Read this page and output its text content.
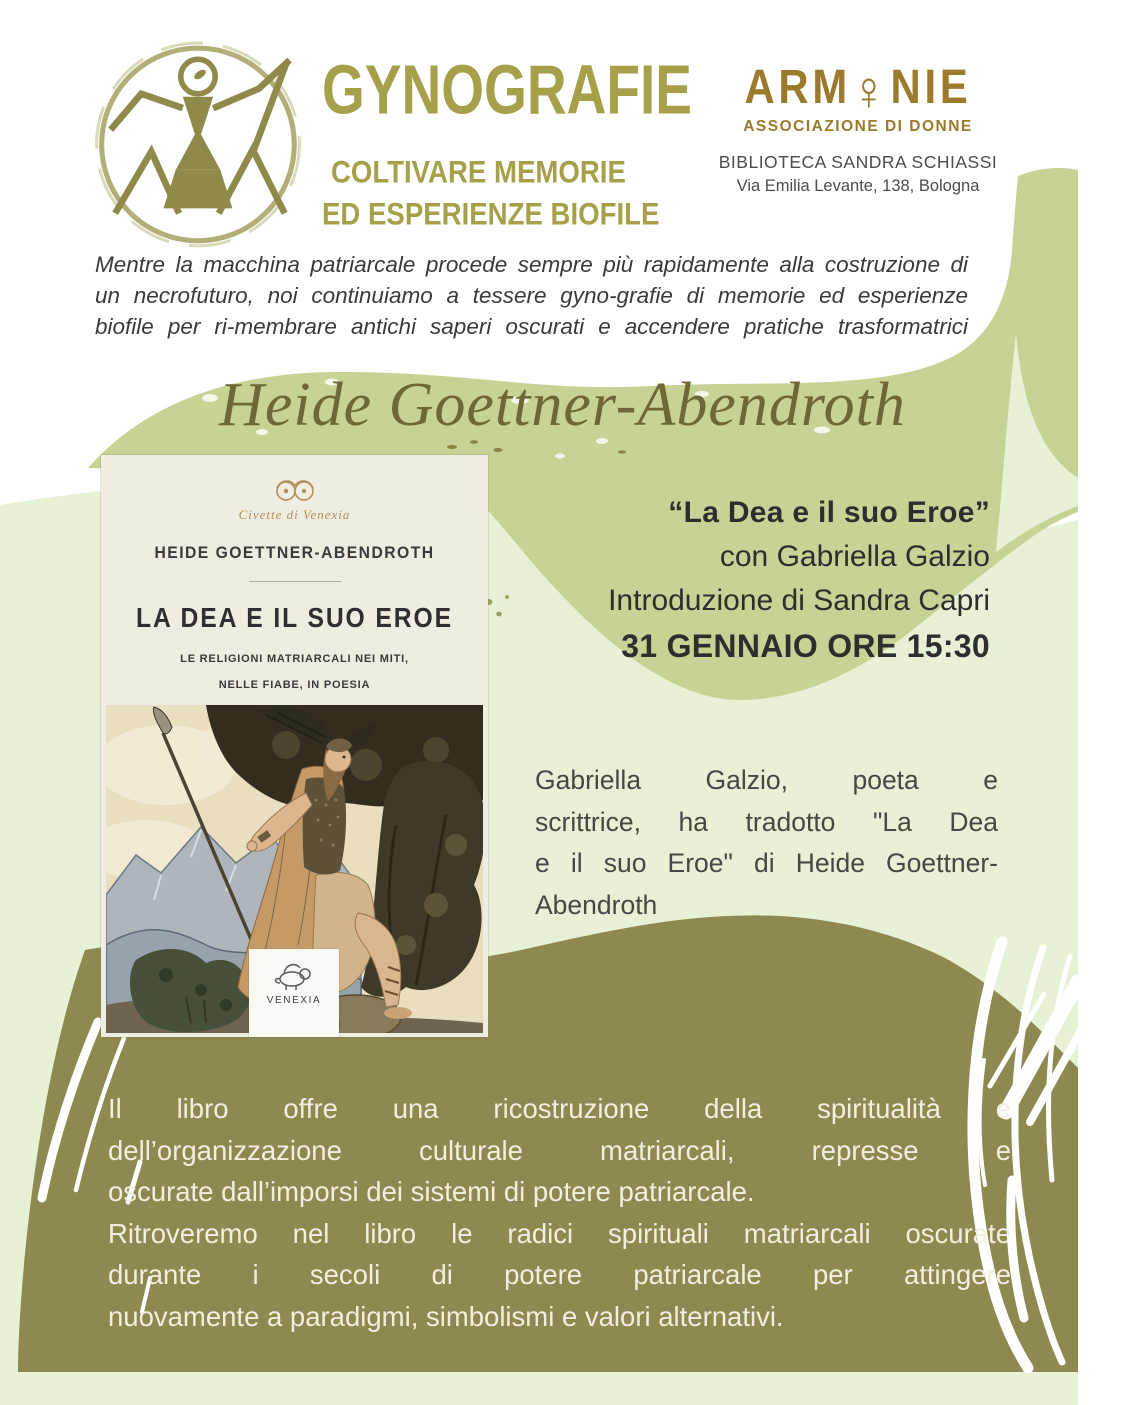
GYNOGRAFIE
COLTIVARE MEMORIE
ED ESPERIENZE BIOFILE
ARM♀NIE
ASSOCIAZIONE DI DONNE
BIBLIOTECA SANDRA SCHIASSI
Via Emilia Levante, 138, Bologna
Mentre la macchina patriarcale procede sempre più rapidamente alla costruzione di
un necrofuturo, noi continuiamo a tessere gyno-grafie di memorie ed esperienze
biofile per ri-membrare antichi saperi oscurati e accendere pratiche trasformatrici
Heide Goettner-Abendroth
Civette di Venexia
HEIDE GOETTNER-ABENDROTH
LA DEA E IL SUO EROE
LE RELIGIONI MATRIARCALI NEI MITI,
NELLE FIABE, IN POESIA
VENEXIA
“La Dea e il suo Eroe”
con Gabriella Galzio
Introduzione di Sandra Capri
31 GENNAIO ORE 15:30
Gabriella Galzio, poeta e
scrittrice, ha tradotto "La Dea
e il suo Eroe" di Heide Goettner-
Abendroth
Il libro offre una ricostruzione della spiritualità e
dell’organizzazione culturale matriarcali, represse e
oscurate dall’imporsi dei sistemi di potere patriarcale.
Ritroveremo nel libro le radici spirituali matriarcali oscurate
durante i secoli di potere patriarcale per attingere
nuovamente a paradigmi, simbolismi e valori alternativi.
